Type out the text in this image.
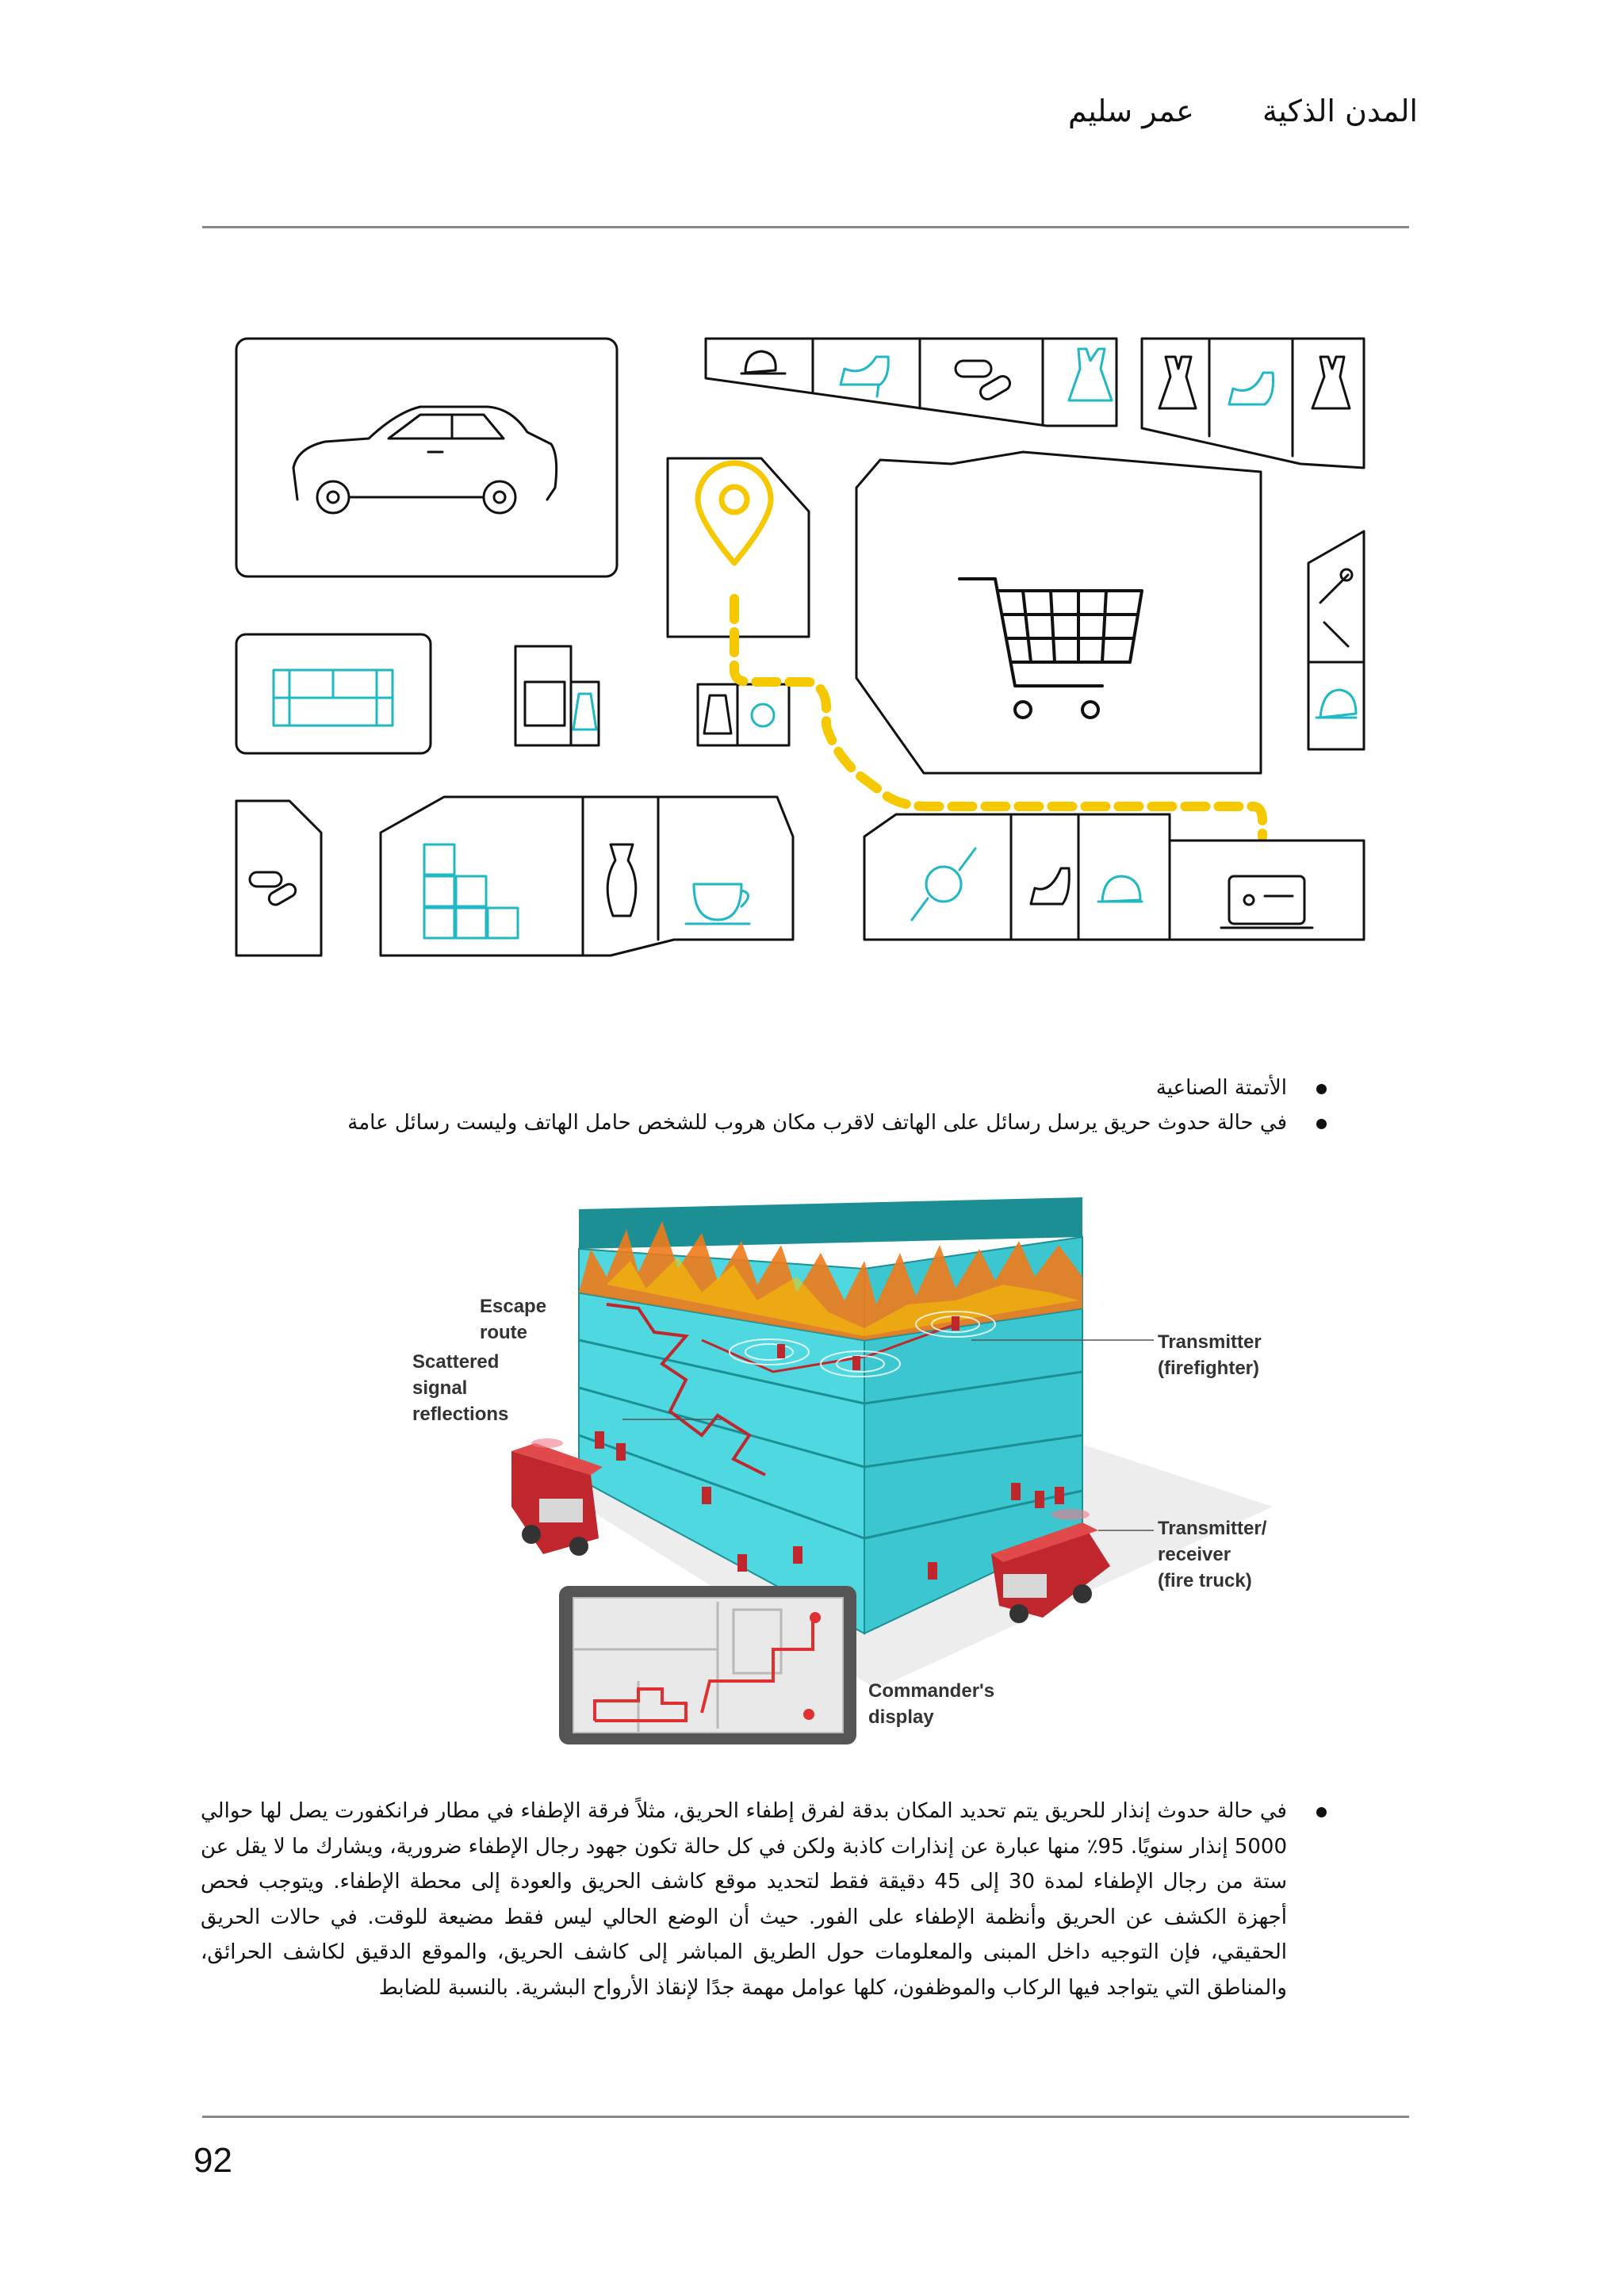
المدن الذكية عمر سليم
الأتمتة الصناعية
في حالة حدوث حريق يرسل رسائل على الهاتف لاقرب مكان هروب للشخص حامل الهاتف وليست رسائل عامة
Escape
route
Scattered
signal
reflections
Transmitter
(firefighter)
Transmitter/
receiver
(fire truck)
Commander's
display
في حالة حدوث إنذار للحريق يتم تحديد المكان بدقة لفرق إطفاء الحريق، مثلاً فرقة الإطفاء في مطار فرانكفورت يصل لها حوالي 5000 إنذار سنويًا. 95٪ منها عبارة عن إنذارات كاذبة ولكن في كل حالة تكون جهود رجال الإطفاء ضرورية، ويشارك ما لا يقل عن ستة من رجال الإطفاء لمدة 30 إلى 45 دقيقة فقط لتحديد موقع كاشف الحريق والعودة إلى محطة الإطفاء. ويتوجب فحص أجهزة الكشف عن الحريق وأنظمة الإطفاء على الفور. حيث أن الوضع الحالي ليس فقط مضيعة للوقت. في حالات الحريق الحقيقي، فإن التوجيه داخل المبنى والمعلومات حول الطريق المباشر إلى كاشف الحريق، والموقع الدقيق لكاشف الحرائق، والمناطق التي يتواجد فيها الركاب والموظفون، كلها عوامل مهمة جدًا لإنقاذ الأرواح البشرية. بالنسبة للضابط
92
